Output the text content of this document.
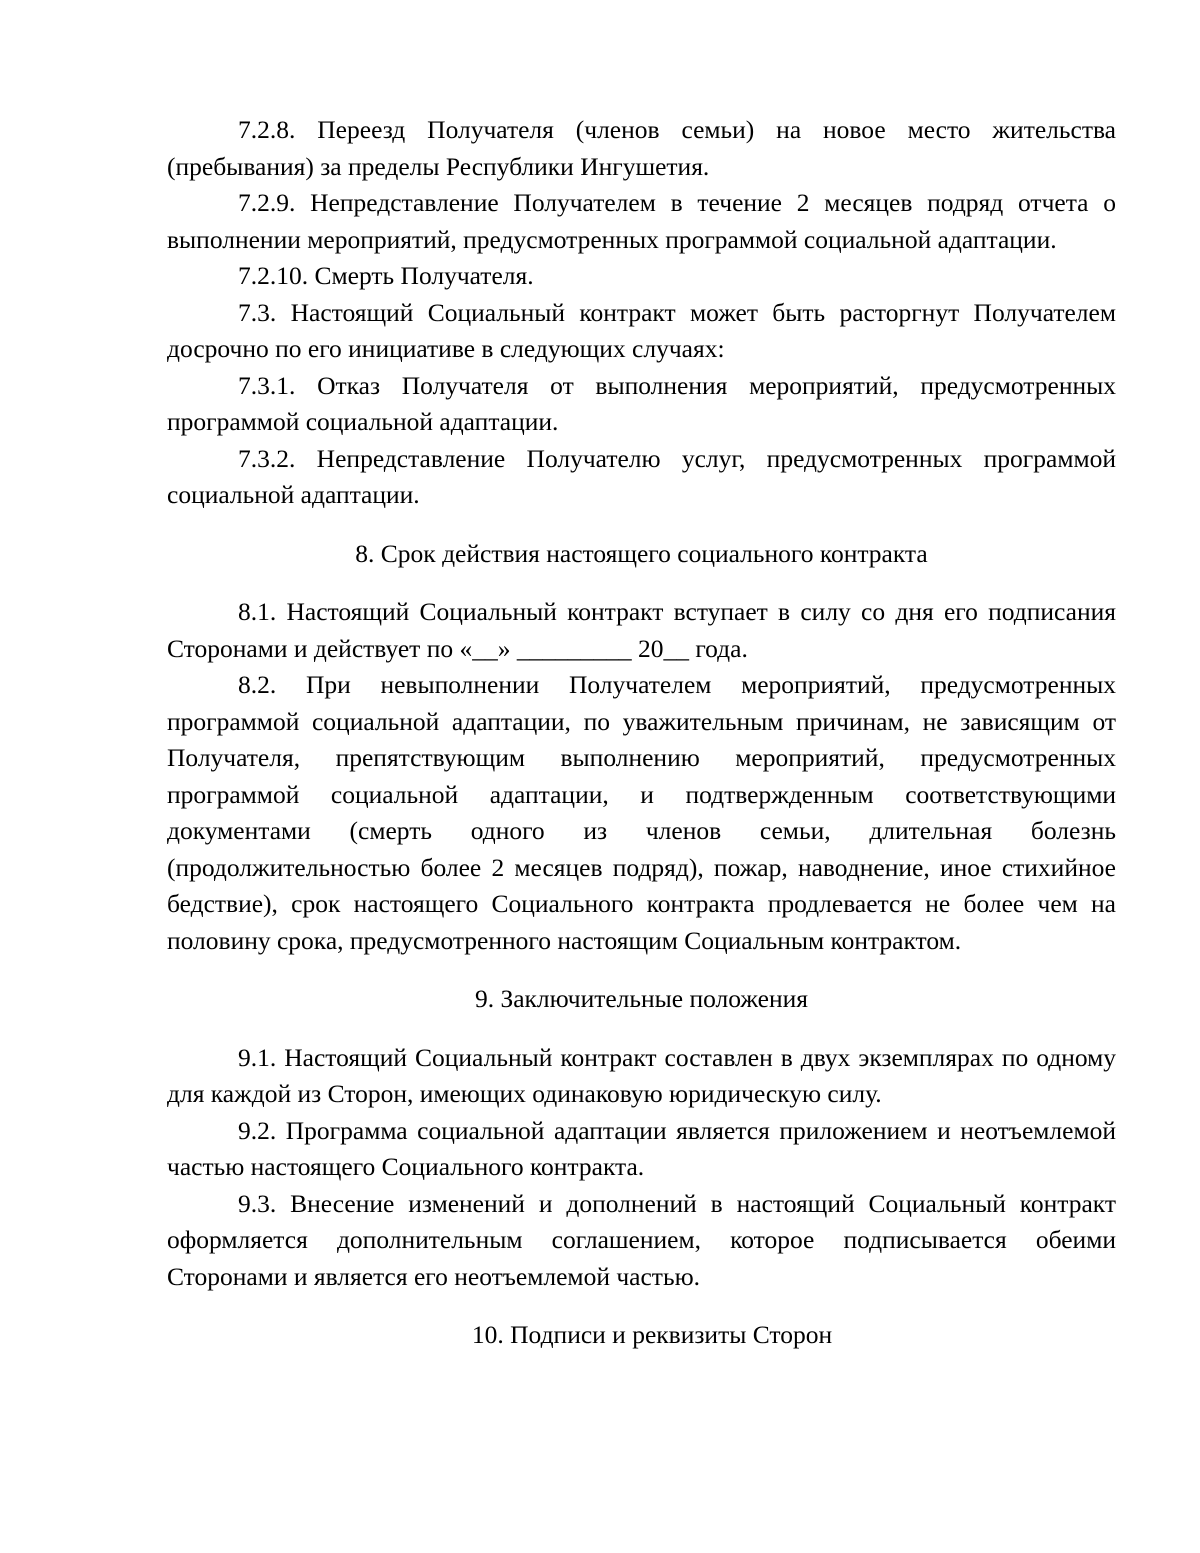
7.2.8. Переезд Получателя (членов семьи) на новое место жительства (пребывания) за пределы Республики Ингушетия.

7.2.9. Непредставление Получателем в течение 2 месяцев подряд отчета о выполнении мероприятий, предусмотренных программой социальной адаптации.

7.2.10. Смерть Получателя.

7.3. Настоящий Социальный контракт может быть расторгнут Получателем досрочно по его инициативе в следующих случаях:

7.3.1. Отказ Получателя от выполнения мероприятий, предусмотренных программой социальной адаптации.

7.3.2. Непредставление Получателю услуг, предусмотренных программой социальной адаптации.

8. Срок действия настоящего социального контракта

8.1. Настоящий Социальный контракт вступает в силу со дня его подписания Сторонами и действует по «__» _________ 20__ года.

8.2. При невыполнении Получателем мероприятий, предусмотренных программой социальной адаптации, по уважительным причинам, не зависящим от Получателя, препятствующим выполнению мероприятий, предусмотренных программой социальной адаптации, и подтвержденным соответствующими документами (смерть одного из членов семьи, длительная болезнь (продолжительностью более 2 месяцев подряд), пожар, наводнение, иное стихийное бедствие), срок настоящего Социального контракта продлевается не более чем на половину срока, предусмотренного настоящим Социальным контрактом.

9. Заключительные положения

9.1. Настоящий Социальный контракт составлен в двух экземплярах по одному для каждой из Сторон, имеющих одинаковую юридическую силу.

9.2. Программа социальной адаптации является приложением и неотъемлемой частью настоящего Социального контракта.

9.3. Внесение изменений и дополнений в настоящий Социальный контракт оформляется дополнительным соглашением, которое подписывается обеими Сторонами и является его неотъемлемой частью.

10. Подписи и реквизиты Сторон
